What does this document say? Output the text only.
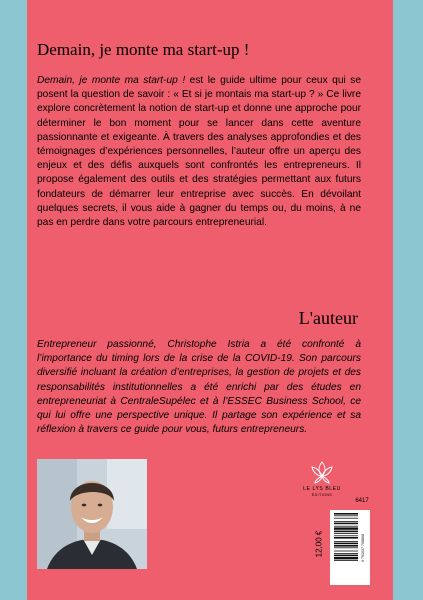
Demain, je monte ma start-up !

Demain, je monte ma start-up ! est le guide ultime pour ceux qui se posent la question de savoir : « Et si je montais ma start-up ? » Ce livre explore concrètement la notion de start-up et donne une approche pour déterminer le bon moment pour se lancer dans cette aventure passionnante et exigeante. À travers des analyses approfondies et des témoignages d’expériences personnelles, l’auteur offre un aperçu des enjeux et des défis auxquels sont confrontés les entrepreneurs. Il propose également des outils et des stratégies permettant aux futurs fondateurs de démarrer leur entreprise avec succès. En dévoilant quelques secrets, il vous aide à gagner du temps ou, du moins, à ne pas en perdre dans votre parcours entrepreneurial.

L'auteur

Entrepreneur passionné, Christophe Istria a été confronté à l’importance du timing lors de la crise de la COVID-19. Son parcours diversifié incluant la création d’entreprises, la gestion de projets et des responsabilités institutionnelles a été enrichi par des études en entrepreneuriat à CentraleSupélec et à l’ESSEC Business School, ce qui lui offre une perspective unique. Il partage son expérience et sa réflexion à travers ce guide pour vous, futurs entrepreneurs.

LE LYS BLEU
ÉDITIONS
6417
12,00 €	9 791037 708868
